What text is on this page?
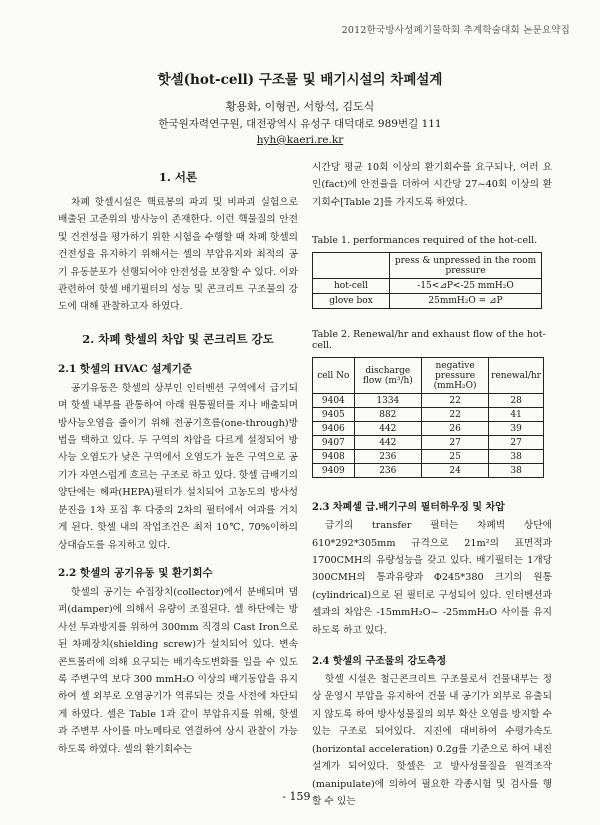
2012한국방사성폐기물학회 추계학술대회 논문요약집
핫셀(hot-cell) 구조물 및 배기시설의 차폐설계
황용화, 이형권, 서항석, 김도식
한국원자력연구원, 대전광역시 유성구 대덕대로 989번길 111
hyh@kaeri.re.kr

1. 서론

차폐 핫셀시설은 핵료봉의 파괴 및 비파괴 실험으로 배출된 고준위의 방사능이 존재한다. 이런 핵물질의 안전 및 건전성을 평가하기 위한 시험을 수행할 때 차폐 핫셀의 건전성을 유지하기 위해서는 셀의 부압유지와 최적의 공기 유동분포가 선행되어야 안전성을 보장할 수 있다. 이와 관련하여 핫셀 배기필터의 성능 및 콘크리트 구조물의 강도에 대해 관찰하고자 하였다.

2. 차폐 핫셀의 차압 및 콘크리트 강도

2.1 핫셀의 HVAC 설계기준

공기유동은 핫셀의 상부인 인터벤션 구역에서 급기되며 핫셀 내부를 관통하여 아래 원통필터를 지나 배출되며 방사능오염을 줄이기 위해 전공기흐름(one-through)방법을 택하고 있다. 두 구역의 차압을 다르게 설정되어 방사능 오염도가 낮은 구역에서 오염도가 높은 구역으로 공기가 자연스럽게 흐르는 구조로 하고 있다. 핫셀 급배기의 양단에는 헤파(HEPA)필터가 설치되어 고농도의 방사성 분진을 1차 포집 후 다중의 2차의 필터에서 여과를 거치게 된다. 핫셀 내의 작업조건은 최저 10℃, 70%이하의 상대습도를 유지하고 있다.

2.2 핫셀의 공기유동 및 환기회수

핫셀의 공기는 수집장치(collector)에서 분배되며 댐퍼(damper)에 의해서 유량이 조절된다. 셀 하단에는 방사선 투과방지를 위하여 300mm 직경의 Cast Iron으로 된 차폐장치(shielding screw)가 설치되어 있다. 변속 콘트롤러에 의해 요구되는 배기속도변화를 일을 수 있도록 주변구역 보다 300 mmH₂O 이상의 배기동압을 유지하여 셀 외부로 오염공기가 역류되는 것을 사전에 차단되게 하였다. 셀은 Table 1과 같이 부압유지를 위해, 핫셀과 주변부 사이를 마노메타로 연결하여 상시 관찰이 가능하도록 하였다. 셀의 환기회수는

시간당 평균 10회 이상의 환기회수를 요구되나, 여러 요인(fact)에 안전율을 더하여 시간당 27~40회 이상의 환기회수[Table 2]를 가지도록 하였다.

Table 1. performances required of the hot-cell.

	press & unpressed in the room pressure
hot-cell	-15<⊿P<-25 mmH₂O
glove box	25mmH₂O = ⊿P

Table 2. Renewal/hr and exhaust flow of the hot-cell.

cell No	discharge flow (m³/h)	negative pressure (mmH₂O)	renewal/hr
9404	1334	22	28
9405	882	22	41
9406	442	26	39
9407	442	27	27
9408	236	25	38
9409	236	24	38

2.3 차폐셀 급.배기구의 필터하우징 및 차압

급기의 transfer 필터는 차폐벽 상단에 610*292*305mm 규격으로 21m²의 표면적과 1700CMH의 유량성능을 갖고 있다. 배기필터는 1개당 300CMH의 통과유량과 Φ245*380 크기의 원통(cylindrical)으로 된 필터로 구성되어 있다. 인터벤션과 셀과의 차압은 -15mmH₂O~ -25mmH₂O 사이를 유지하도록 하고 있다.

2.4 핫셀의 구조물의 강도측정

핫셀 시설은 철근콘크리트 구조물로서 건물내부는 정상 운영시 부압을 유지하여 건물 내 공기가 외부로 유출되지 않도록 하여 방사성물질의 외부 확산 오염을 방지할 수 있는 구조로 되어있다. 지진에 대비하여 수평가속도(horizontal acceleration) 0.2g를 기준으로 하여 내진설계가 되어있다. 핫셀은 고 방사성물질을 원격조작(manipulate)에 의하여 필요한 각종시험 및 검사를 행할 수 있는

- 159 -
